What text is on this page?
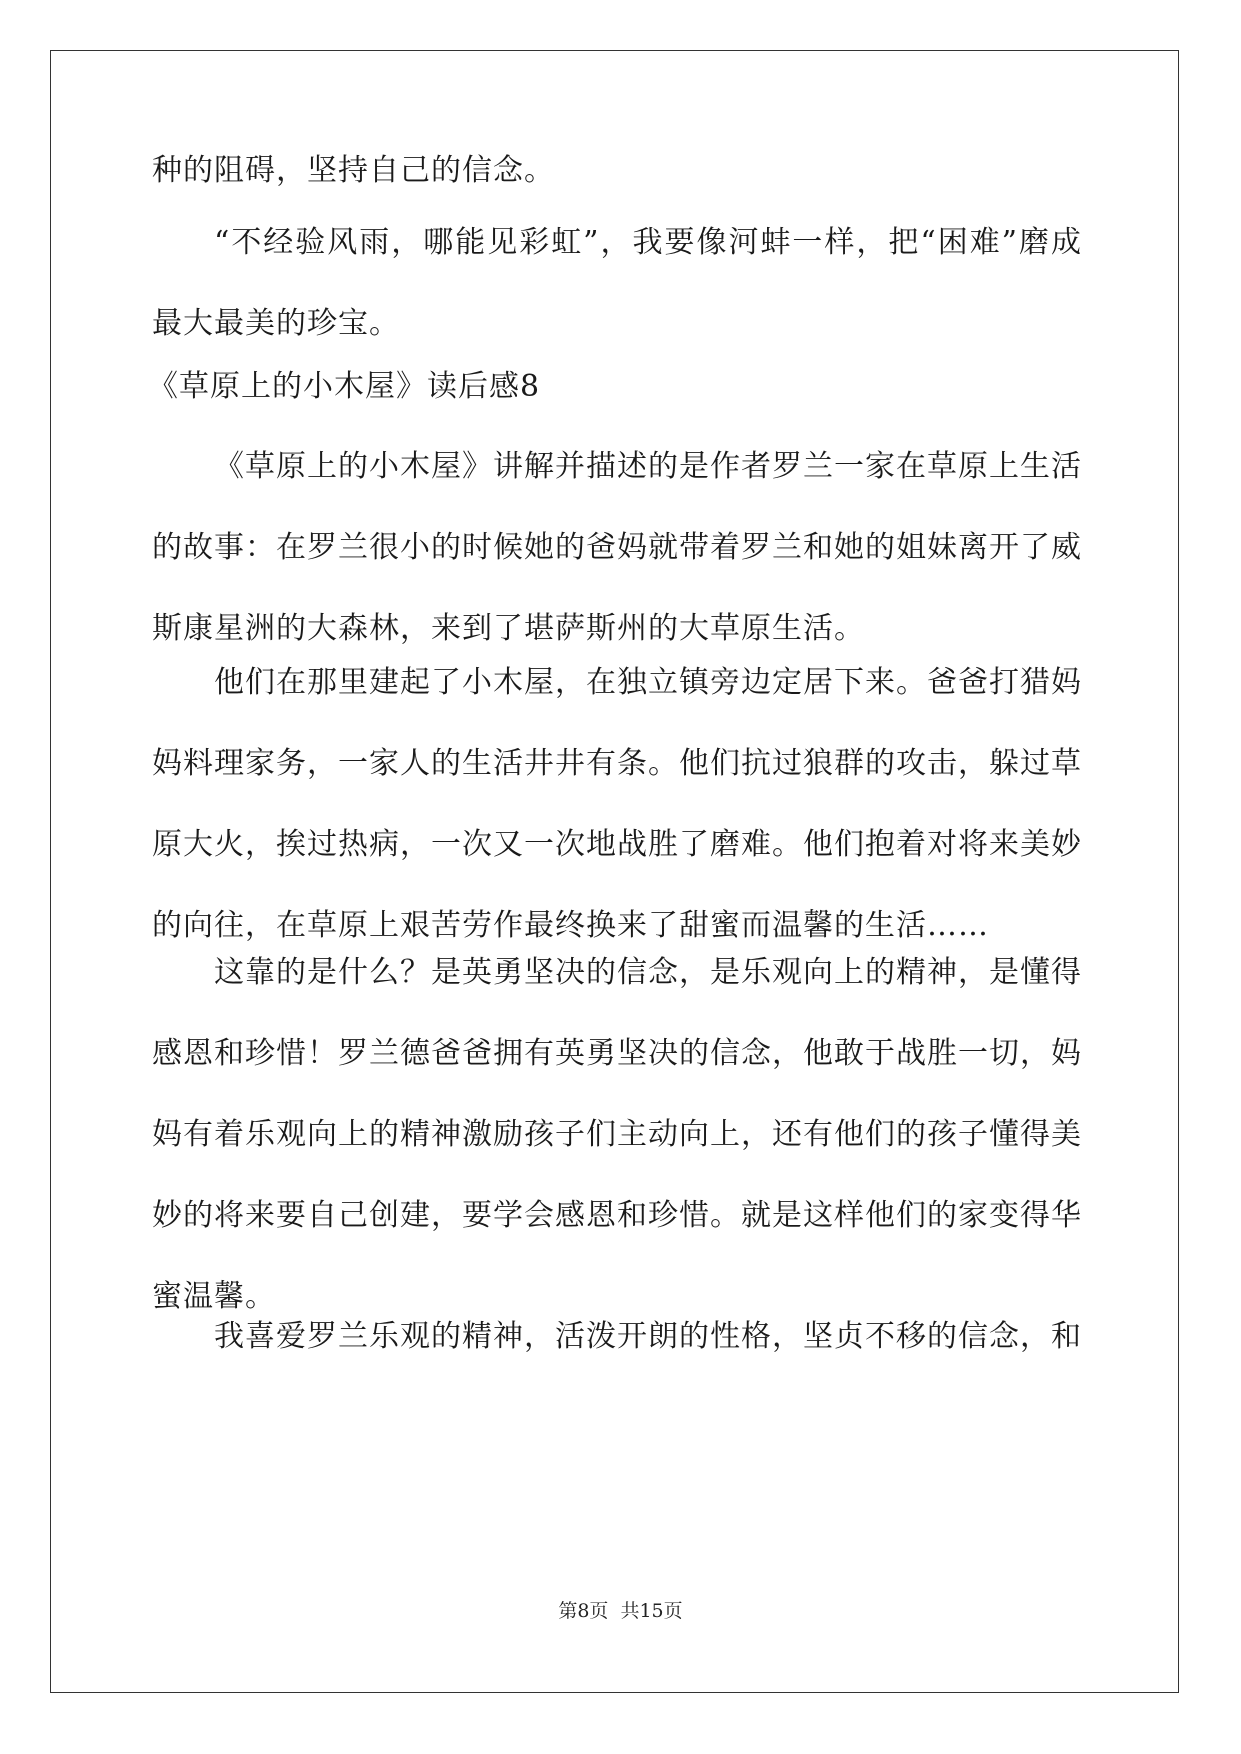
种的阻碍，坚持自己的信念。

“不经验风雨，哪能见彩虹”，我要像河蚌一样，把“困难”磨成最大最美的珍宝。

《草原上的小木屋》读后感8

《草原上的小木屋》讲解并描述的是作者罗兰一家在草原上生活的故事：在罗兰很小的时候她的爸妈就带着罗兰和她的姐妹离开了威斯康星洲的大森林，来到了堪萨斯州的大草原生活。

他们在那里建起了小木屋，在独立镇旁边定居下来。爸爸打猎妈妈料理家务，一家人的生活井井有条。他们抗过狼群的攻击，躲过草原大火，挨过热病，一次又一次地战胜了磨难。他们抱着对将来美妙的向往，在草原上艰苦劳作最终换来了甜蜜而温馨的生活……

这靠的是什么？是英勇坚决的信念，是乐观向上的精神，是懂得感恩和珍惜！罗兰德爸爸拥有英勇坚决的信念，他敢于战胜一切，妈妈有着乐观向上的精神激励孩子们主动向上，还有他们的孩子懂得美妙的将来要自己创建，要学会感恩和珍惜。就是这样他们的家变得华蜜温馨。

我喜爱罗兰乐观的精神，活泼开朗的性格，坚贞不移的信念，和

第8页 共15页
